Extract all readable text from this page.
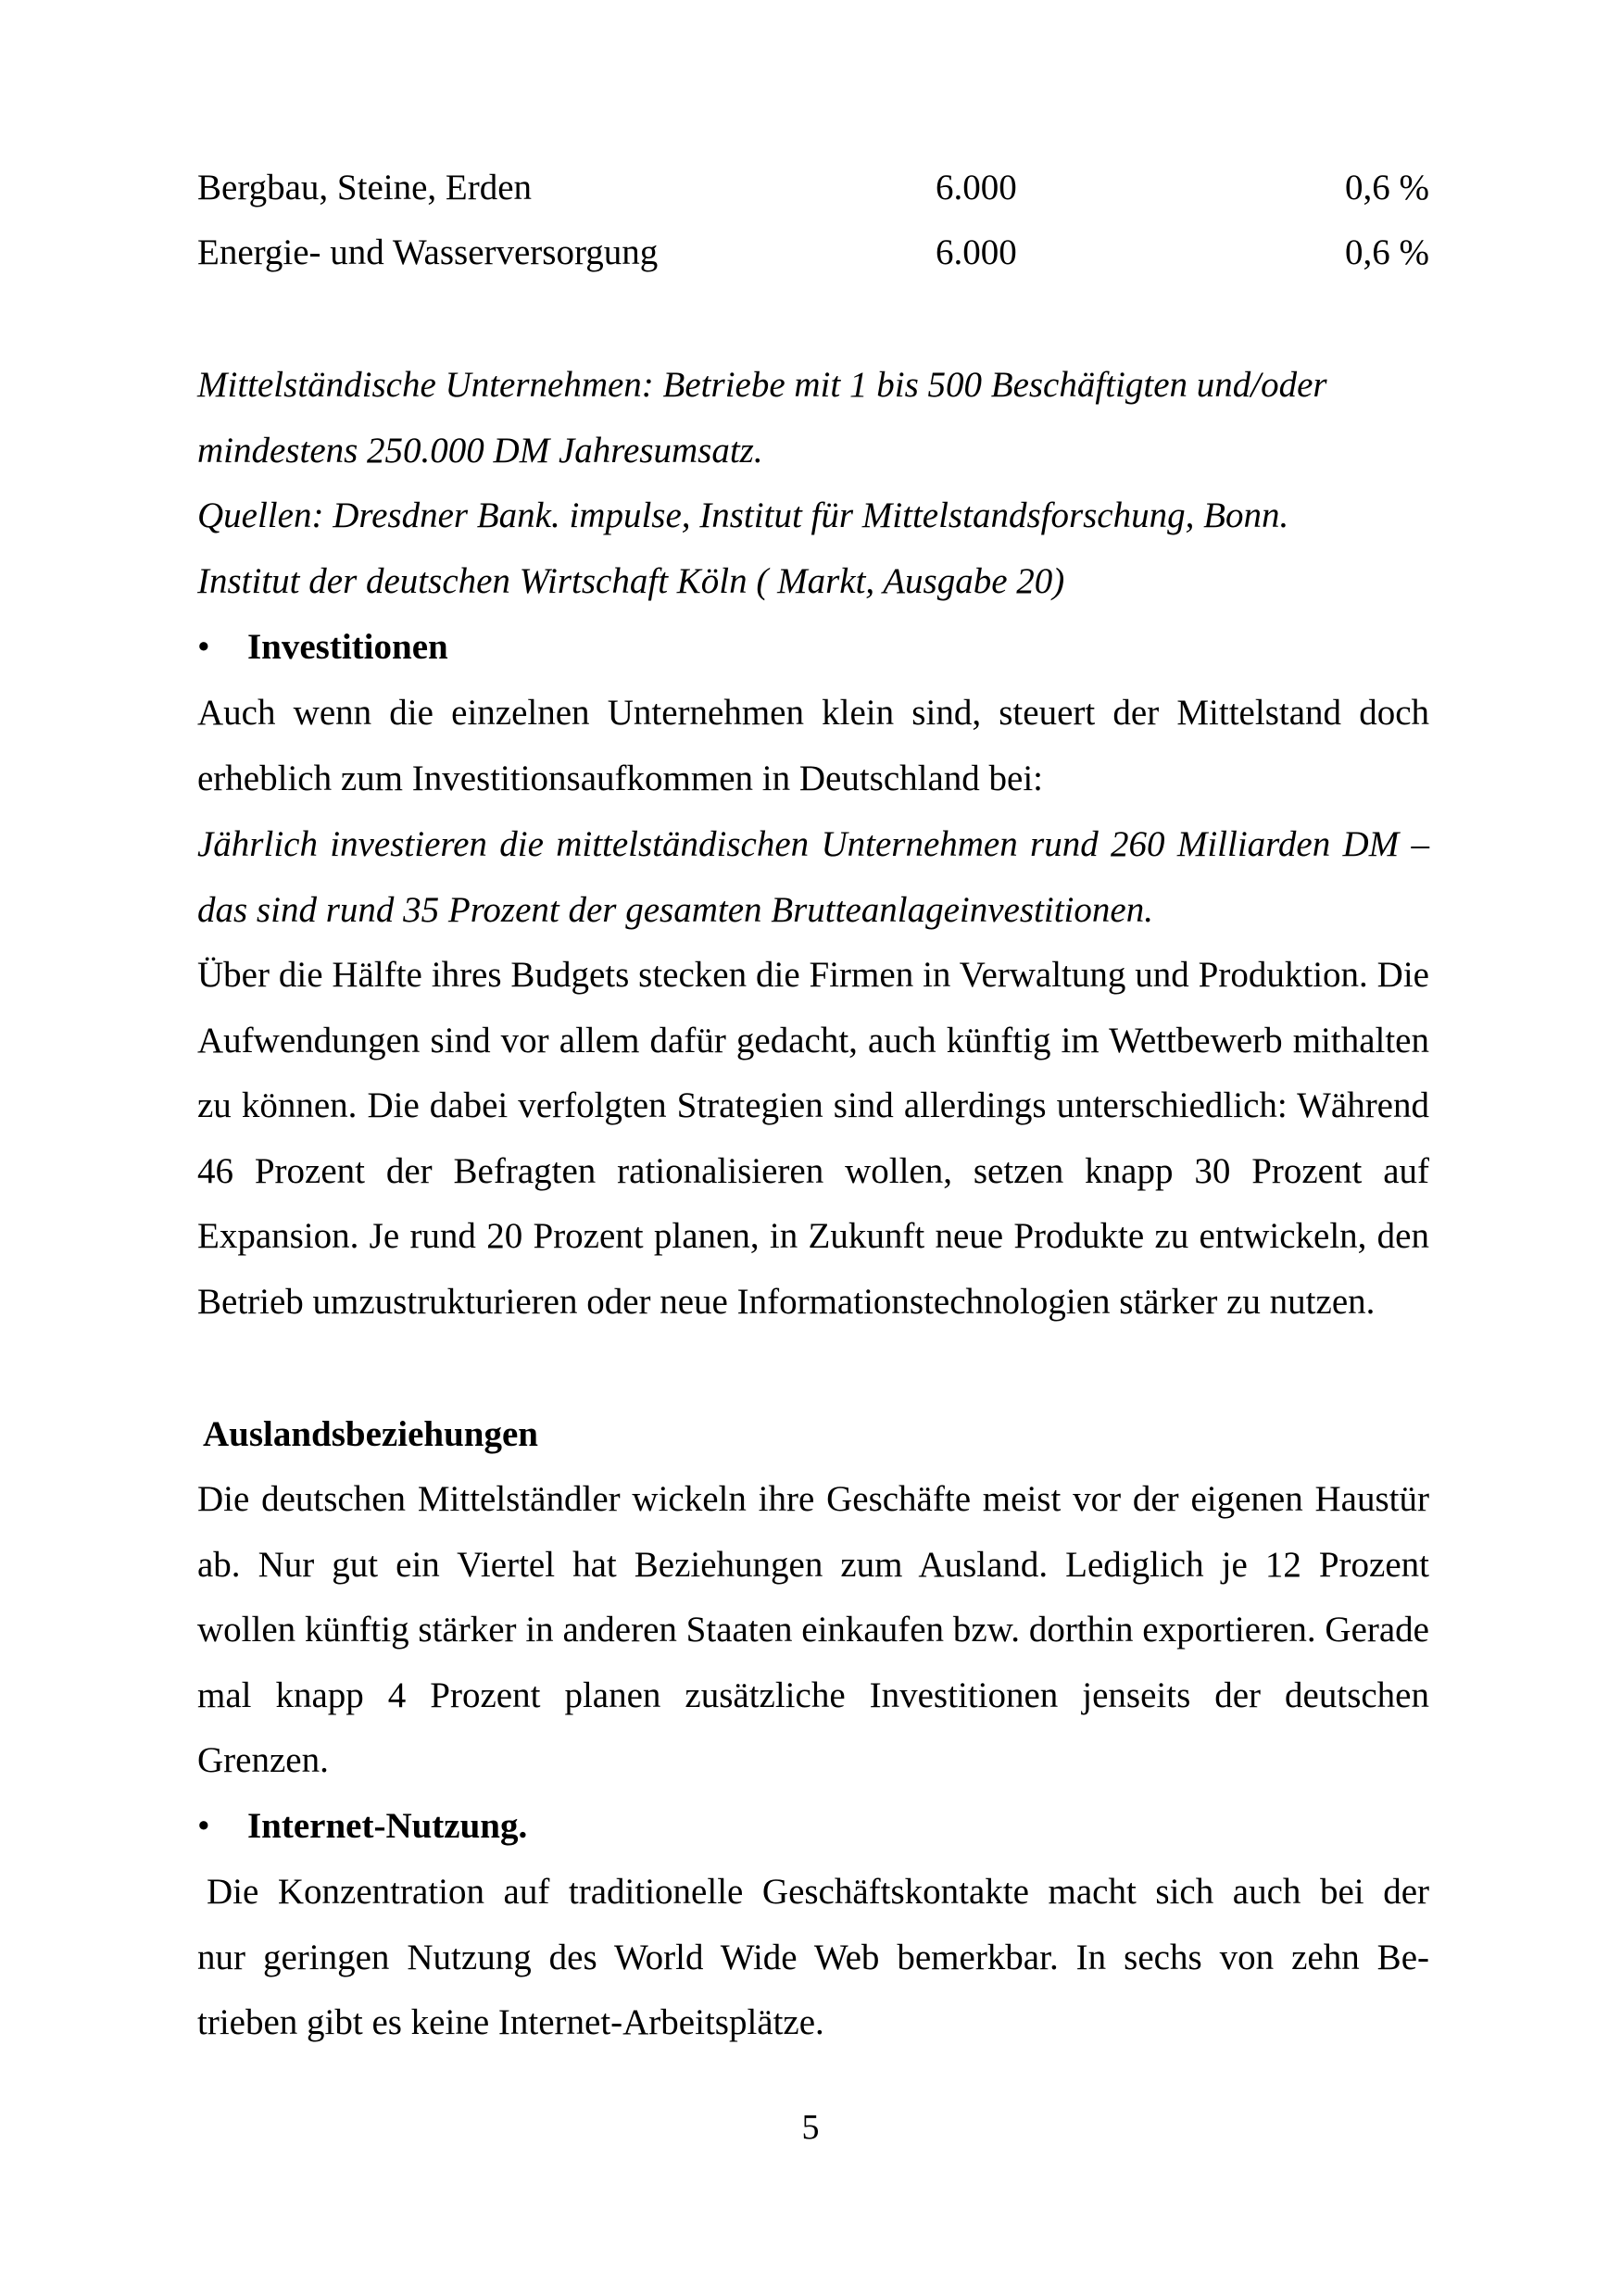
Bergbau, Steine, Erden	6.000	0,6 %
Energie- und Wasserversorgung	6.000	0,6 %
Mittelständische Unternehmen: Betriebe mit 1 bis 500 Beschäftigten und/oder
mindestens 250.000 DM Jahresumsatz.
Quellen: Dresdner Bank. impulse, Institut für Mittelstandsforschung, Bonn.
Institut der deutschen Wirtschaft Köln ( Markt, Ausgabe 20)
• Investitionen

Auch wenn die einzelnen Unternehmen klein sind, steuert der Mittelstand doch erheblich zum Investitionsaufkommen in Deutschland bei:

Jährlich investieren die mittelständischen Unternehmen rund 260 Milliarden DM – das sind rund 35 Prozent der gesamten Brutteanlageinvestitionen.

Über die Hälfte ihres Budgets stecken die Firmen in Verwaltung und Produktion. Die Aufwendungen sind vor allem dafür gedacht, auch künftig im Wettbewerb mithalten zu können. Die dabei verfolgten Strategien sind allerdings unterschiedlich: Während 46 Prozent der Befragten rationalisieren wollen, setzen knapp 30 Prozent auf Expansion. Je rund 20 Prozent planen, in Zukunft neue Produkte zu entwickeln, den Betrieb umzustrukturieren oder neue Informationstechnologien stärker zu nutzen.

Auslandsbeziehungen

Die deutschen Mittelständler wickeln ihre Geschäfte meist vor der eigenen Haustür ab. Nur gut ein Viertel hat Beziehungen zum Ausland. Lediglich je 12 Prozent wollen künftig stärker in anderen Staaten einkaufen bzw. dorthin exportieren. Gerade mal knapp 4 Prozent planen zusätzliche Investitionen jenseits der deutschen Grenzen.

• Internet-Nutzung.
Die Konzentration auf traditionelle Geschäftskontakte macht sich auch bei der
nur geringen Nutzung des World Wide Web bemerkbar. In sechs von zehn Be-
trieben gibt es keine Internet-Arbeitsplätze.
5
